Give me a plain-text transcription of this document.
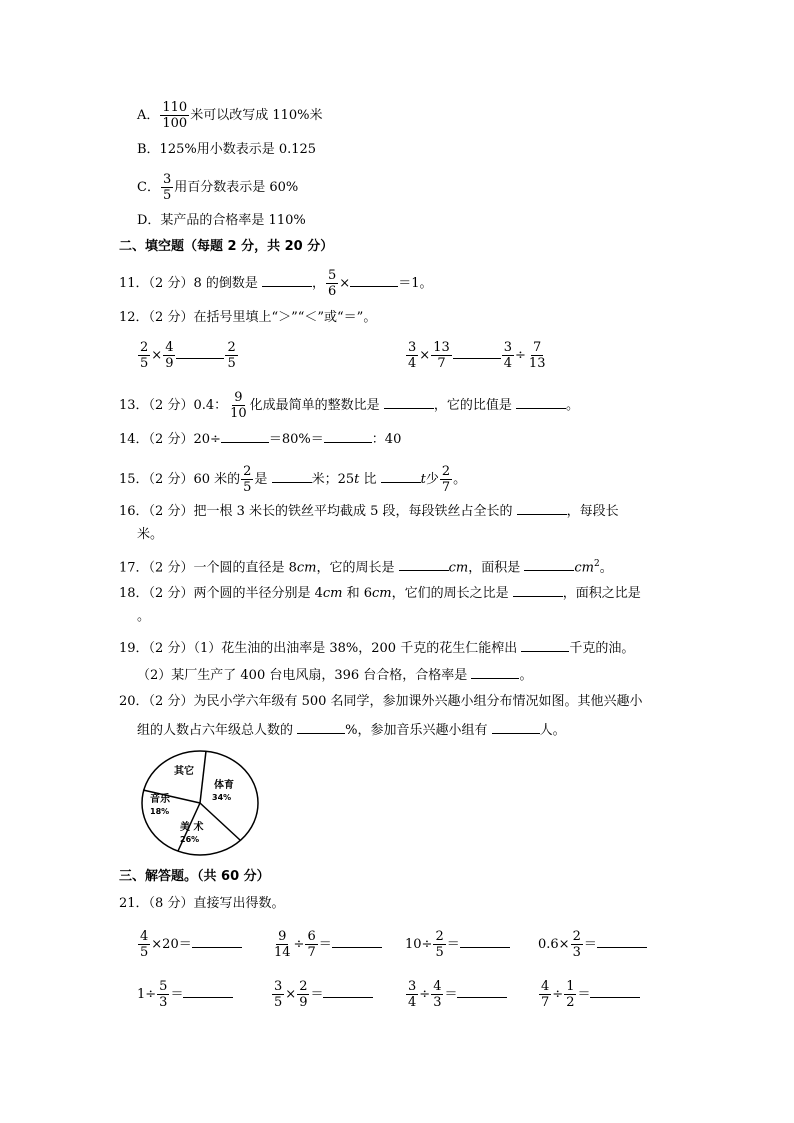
A． $\frac{110}{100}$ 米可以改写成 110%米
B．125%用小数表示是 0.125
C． $\frac{3}{5}$ 用百分数表示是 60%
D．某产品的合格率是 110%
二、填空题（每题 2 分，共 20 分）
11．（2 分）8 的倒数是	， $\frac{5}{6}$ ×	＝1。
12．（2 分）在括号里填上“＞”“＜”或“＝”。
$\frac{2}{5} \times \frac{4}{9}$	$\frac{2}{5}$	$\frac{3}{4} \times \frac{13}{7}$	$\frac{3}{4} \div \frac{7}{13}$
13．（2 分）0.4： $\frac{9}{10}$ 化成最简单的整数比是	，它的比值是	。
14．（2 分）20÷	＝80%＝	：40
15．（2 分）60 米的 $\frac{2}{5}$ 是	米；25t 比	t少 $\frac{2}{7}$ 。
16．（2 分）把一根 3 米长的铁丝平均截成 5 段，每段铁丝占全长的	，每段长
米。
17．（2 分）一个圆的直径是 8cm，它的周长是	cm，面积是	$cm^2$。
18．（2 分）两个圆的半径分别是 4cm 和 6cm，它们的周长之比是	，面积之比是
。
19．（2 分）（1）花生油的出油率是 38%，200 千克的花生仁能榨出	千克的油。
（2）某厂生产了 400 台电风扇，396 台合格，合格率是	。
20．（2 分）为民小学六年级有 500 名同学，参加课外兴趣小组分布情况如图。其他兴趣小
组的人数占六年级总人数的	%，参加音乐兴趣小组有	人。
其它
体育
34%
音乐
18%
美 术
26%
三、解答题。（共 60 分）
21．（8 分）直接写出得数。
$\frac{4}{5} \times 20=$	$\frac{9}{14} \div \frac{6}{7}$ ＝	$10\div \frac{2}{5}$ ＝	$0.6\times \frac{2}{3}$ ＝
$1\div \frac{5}{3}$ ＝	$\frac{3}{5} \times \frac{2}{9}$ ＝	$\frac{3}{4} \div \frac{4}{3}$ ＝	$\frac{4}{7} \div \frac{1}{2}$ ＝
